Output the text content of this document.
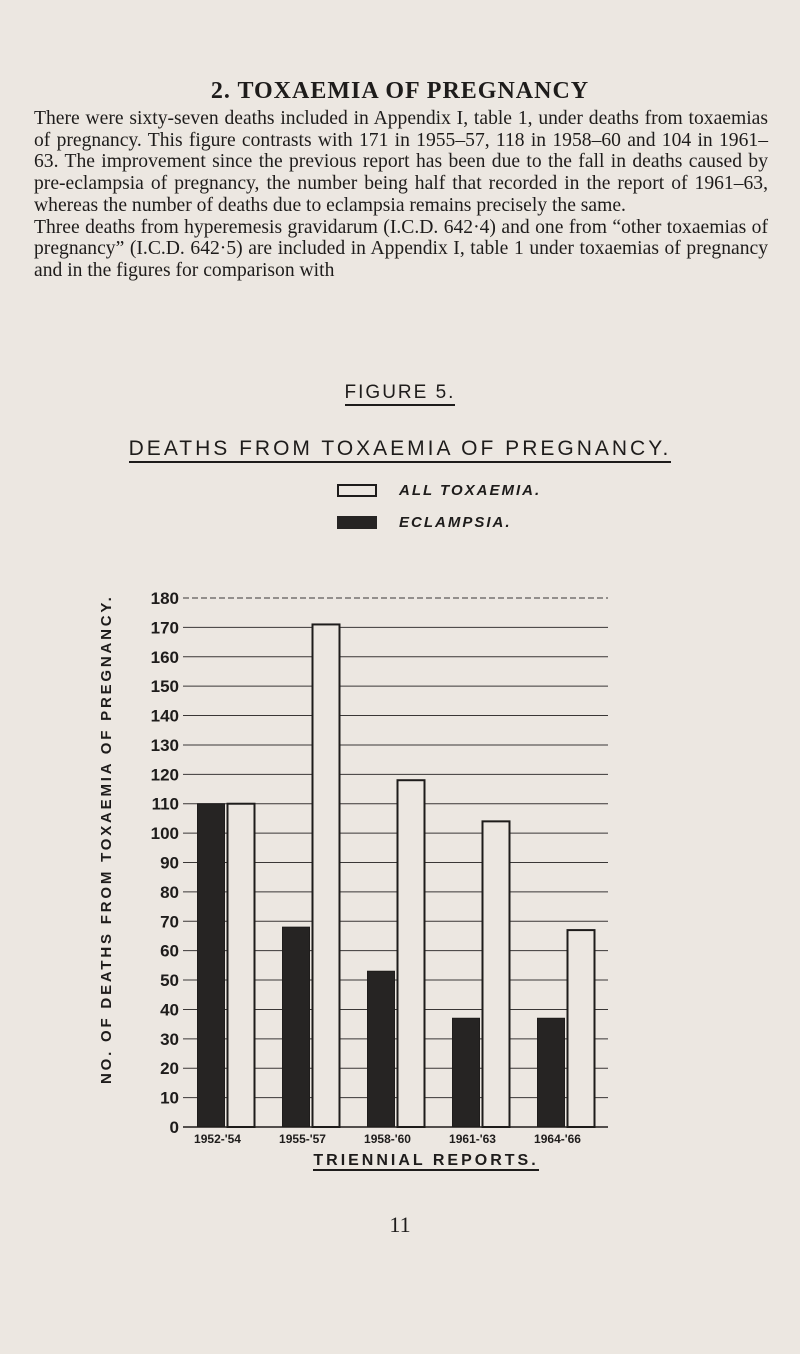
2. TOXAEMIA OF PREGNANCY

There were sixty-seven deaths included in Appendix I, table 1, under deaths from toxaemias of pregnancy. This figure contrasts with 171 in 1955–57, 118 in 1958–60 and 104 in 1961–63. The improvement since the previous report has been due to the fall in deaths caused by pre-eclampsia of pregnancy, the number being half that recorded in the report of 1961–63, whereas the number of deaths due to eclampsia remains precisely the same.

Three deaths from hyperemesis gravidarum (I.C.D. 642·4) and one from “other toxaemias of pregnancy” (I.C.D. 642·5) are included in Appendix I, table 1 under toxaemias of pregnancy and in the figures for comparison with

FIGURE 5.
DEATHS FROM TOXAEMIA OF PREGNANCY.
ALL TOXAEMIA.
ECLAMPSIA.
NO. OF DEATHS FROM TOXAEMIA OF PREGNANCY.
0
10
20
30
40
50
60
70
80
90
100
110
120
130
140
150
160
170
180
1952-'54	1955-'57	1958-'60	1961-'63	1964-'66
TRIENNIAL REPORTS.
11
